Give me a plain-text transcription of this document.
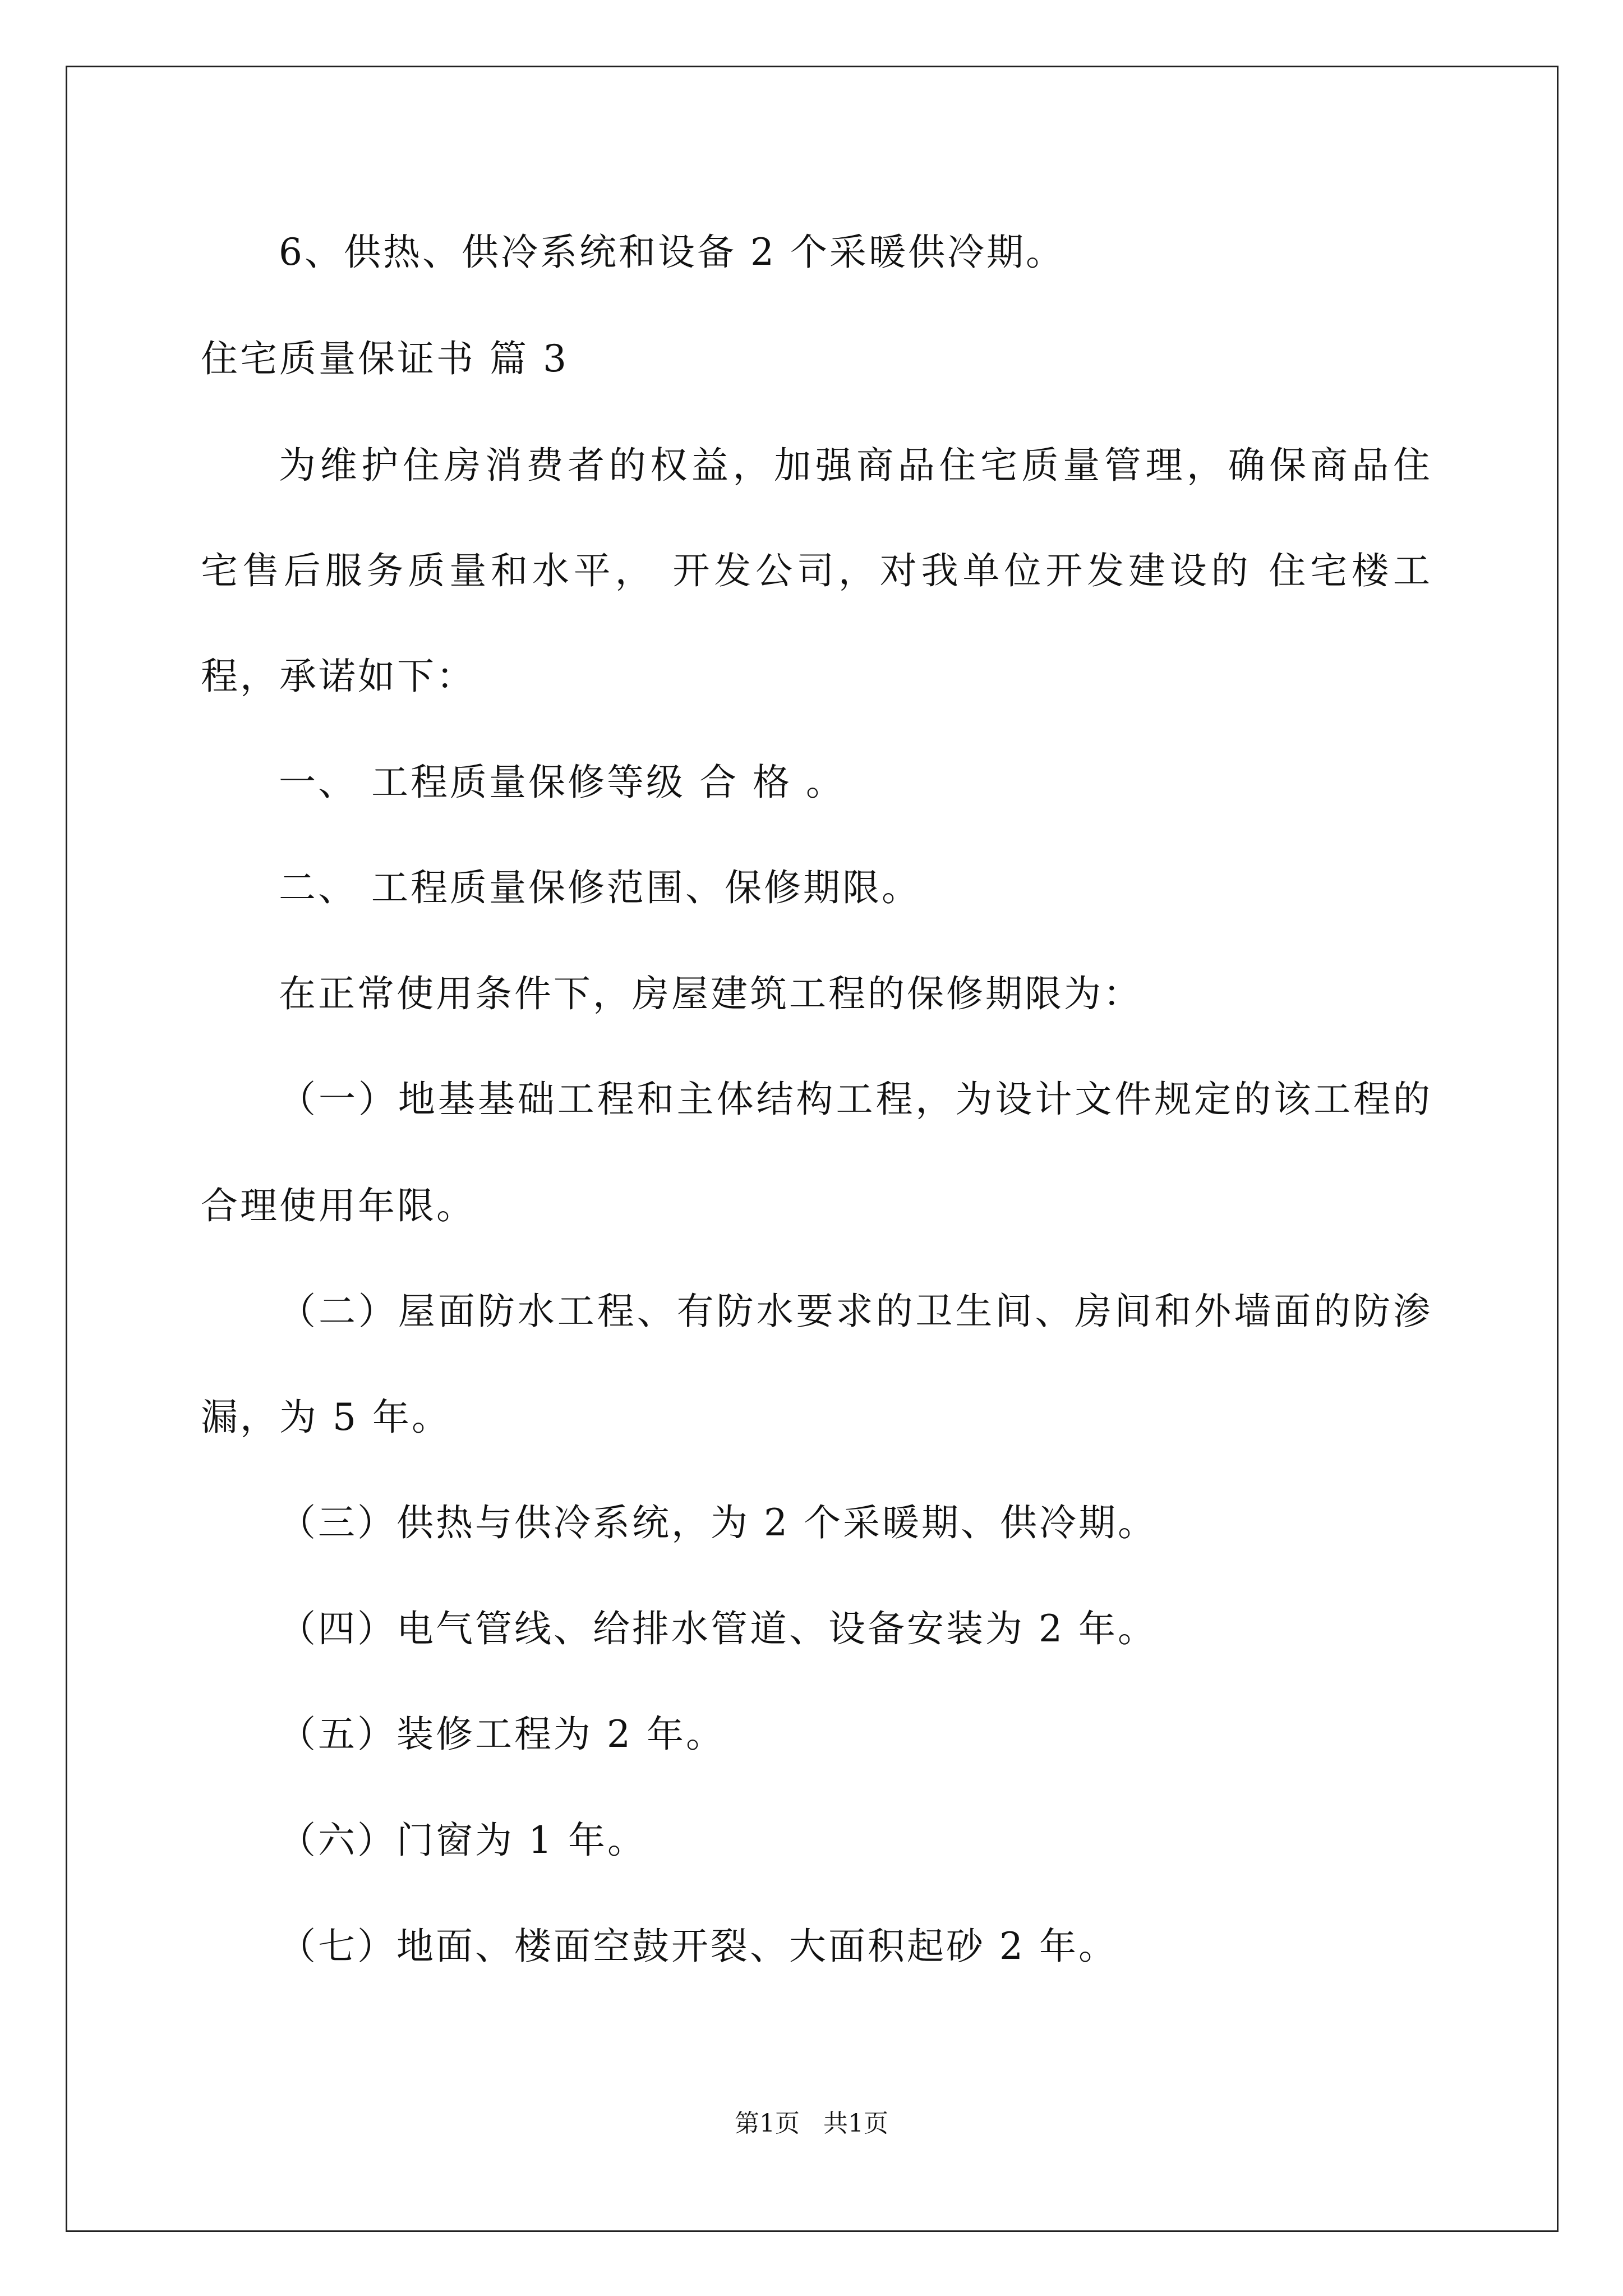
6、供热、供冷系统和设备 2 个采暖供冷期。
住宅质量保证书 篇 3
为维护住房消费者的权益，加强商品住宅质量管理，确保商品住
宅售后服务质量和水平， 开发公司，对我单位开发建设的 住宅楼工
程，承诺如下：
一、 工程质量保修等级 合 格 。
二、 工程质量保修范围、保修期限。
在正常使用条件下，房屋建筑工程的保修期限为：
（一）地基基础工程和主体结构工程，为设计文件规定的该工程的
合理使用年限。
（二）屋面防水工程、有防水要求的卫生间、房间和外墙面的防渗
漏，为 5 年。
（三）供热与供冷系统，为 2 个采暖期、供冷期。
（四）电气管线、给排水管道、设备安装为 2 年。
（五）装修工程为 2 年。
（六）门窗为 1 年。
（七）地面、楼面空鼓开裂、大面积起砂 2 年。
第1页   共1页
